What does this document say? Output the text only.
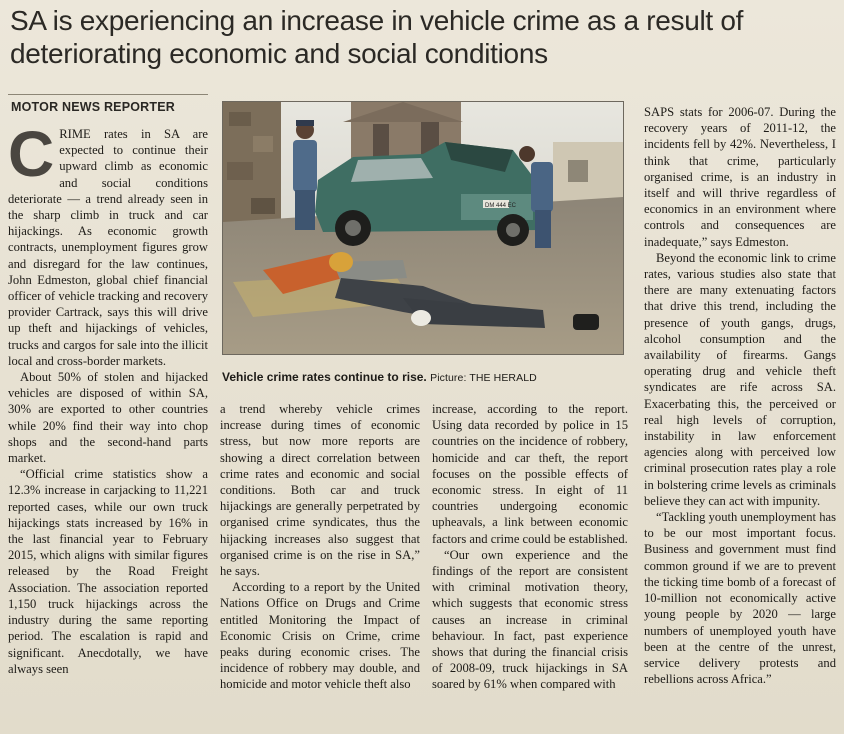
SA is experiencing an increase in vehicle crime as a result of deteriorating economic and social conditions
MOTOR NEWS REPORTER

CRIME rates in SA are expected to continue their upward climb as economic and social conditions deteriorate — a trend already seen in the sharp climb in truck and car hijackings. As economic growth contracts, unemployment figures grow and disregard for the law continues, John Edmeston, global chief financial officer of vehicle tracking and recovery provider Cartrack, says this will drive up theft and hijackings of vehicles, trucks and cargos for sale into the illicit local and cross-border markets.

About 50% of stolen and hijacked vehicles are disposed of within SA, 30% are exported to other countries while 20% find their way into chop shops and the second-hand parts market.

“Official crime statistics show a 12.3% increase in carjacking to 11,221 reported cases, while our own truck hijackings stats increased by 16% in the last financial year to February 2015, which aligns with similar figures released by the Road Freight Association. The association reported 1,150 truck hijackings across the industry during the same reporting period. The escalation is rapid and significant. Anecdotally, we have always seen

DM 444 EC
Vehicle crime rates continue to rise. Picture: THE HERALD

a trend whereby vehicle crimes increase during times of economic stress, but now more reports are showing a direct correlation between crime rates and economic and social conditions. Both car and truck hijackings are generally perpetrated by organised crime syndicates, thus the hijacking increases also suggest that organised crime is on the rise in SA,” he says.

According to a report by the United Nations Office on Drugs and Crime entitled Monitoring the Impact of Economic Crisis on Crime, crime peaks during economic crises. The incidence of robbery may double, and homicide and motor vehicle theft also

increase, according to the report. Using data recorded by police in 15 countries on the incidence of robbery, homicide and car theft, the report focuses on the possible effects of economic stress. In eight of 11 countries undergoing economic upheavals, a link between economic factors and crime could be established.

“Our own experience and the findings of the report are consistent with criminal motivation theory, which suggests that economic stress causes an increase in criminal behaviour. In fact, past experience shows that during the financial crisis of 2008-09, truck hijackings in SA soared by 61% when compared with

SAPS stats for 2006-07. During the recovery years of 2011-12, the incidents fell by 42%. Nevertheless, I think that crime, particularly organised crime, is an industry in itself and will thrive regardless of economics in an environment where controls and consequences are inadequate,” says Edmeston.

Beyond the economic link to crime rates, various studies also state that there are many extenuating factors that drive this trend, including the presence of youth gangs, drugs, alcohol consumption and the availability of firearms. Gangs operating drug and vehicle theft syndicates are rife across SA. Exacerbating this, the perceived or real high levels of corruption, instability in law enforcement agencies along with perceived low criminal prosecution rates play a role in bolstering crime levels as criminals believe they can act with impunity.

“Tackling youth unemployment has to be our most important focus. Business and government must find common ground if we are to prevent the ticking time bomb of a forecast of 10-million not economically active young people by 2020 — large numbers of unemployed youth have been at the centre of the unrest, service delivery protests and rebellions across Africa.”
